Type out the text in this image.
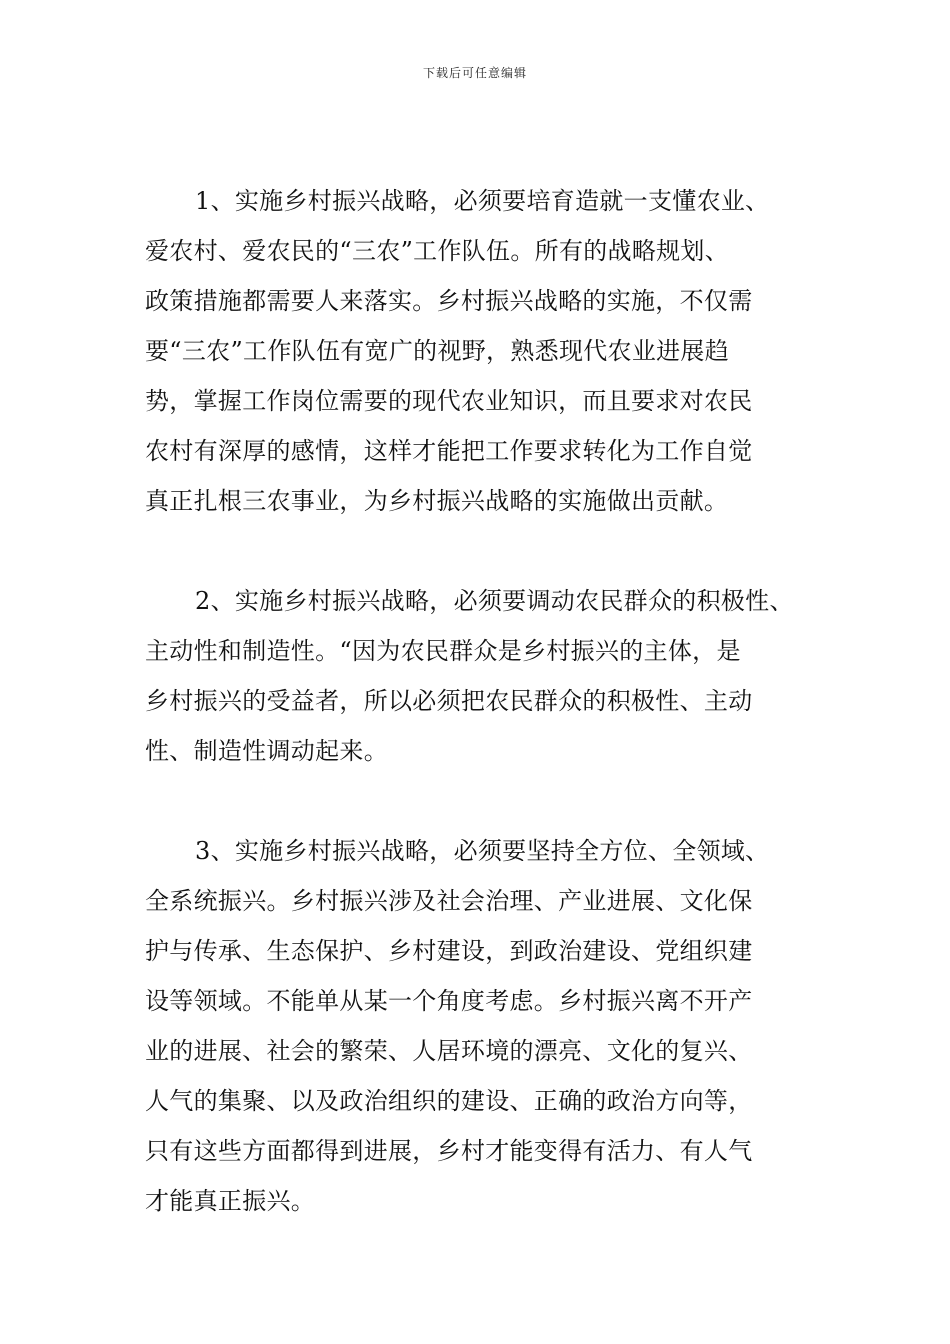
下载后可任意编辑
1、实施乡村振兴战略，必须要培育造就一支懂农业、
爱农村、爱农民的“三农”工作队伍。所有的战略规划、
政策措施都需要人来落实。乡村振兴战略的实施，不仅需
要“三农”工作队伍有宽广的视野，熟悉现代农业进展趋
势，掌握工作岗位需要的现代农业知识，而且要求对农民
农村有深厚的感情，这样才能把工作要求转化为工作自觉
真正扎根三农事业，为乡村振兴战略的实施做出贡献。
2、实施乡村振兴战略，必须要调动农民群众的积极性、
主动性和制造性。“因为农民群众是乡村振兴的主体，是
乡村振兴的受益者，所以必须把农民群众的积极性、主动
性、制造性调动起来。
3、实施乡村振兴战略，必须要坚持全方位、全领域、
全系统振兴。乡村振兴涉及社会治理、产业进展、文化保
护与传承、生态保护、乡村建设，到政治建设、党组织建
设等领域。不能单从某一个角度考虑。乡村振兴离不开产
业的进展、社会的繁荣、人居环境的漂亮、文化的复兴、
人气的集聚、以及政治组织的建设、正确的政治方向等，
只有这些方面都得到进展，乡村才能变得有活力、有人气
才能真正振兴。
